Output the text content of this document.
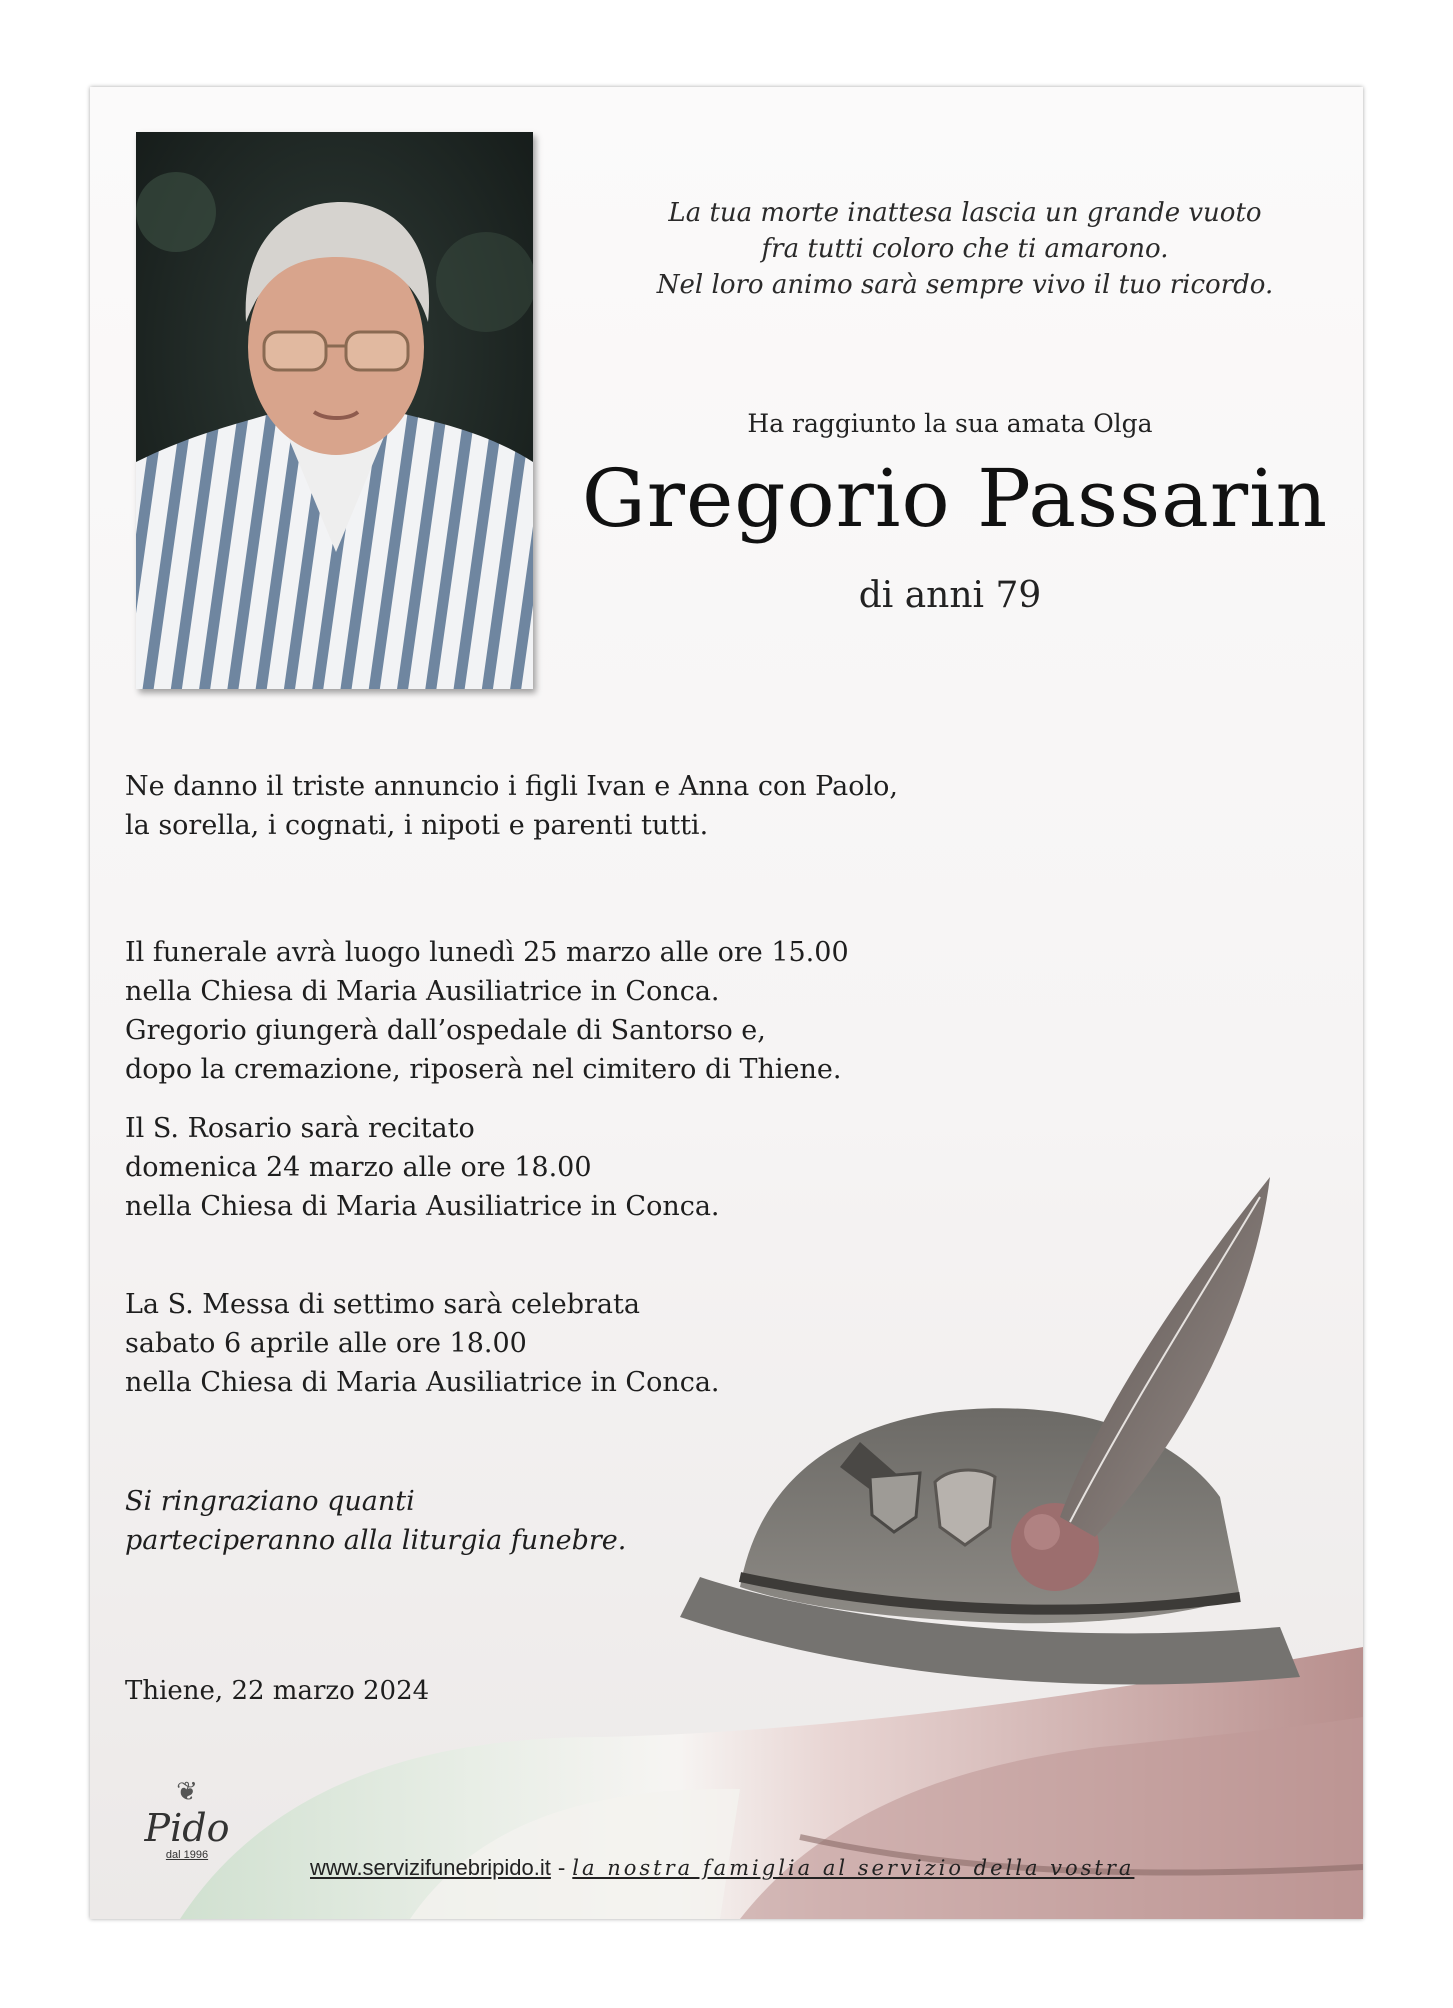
La tua morte inattesa lascia un grande vuoto
fra tutti coloro che ti amarono.
Nel loro animo sarà sempre vivo il tuo ricordo.
Ha raggiunto la sua amata Olga
Gregorio Passarin
di anni 79
Ne danno il triste annuncio i figli Ivan e Anna con Paolo,
la sorella, i cognati, i nipoti e parenti tutti.
Il funerale avrà luogo lunedì 25 marzo alle ore 15.00
nella Chiesa di Maria Ausiliatrice in Conca.
Gregorio giungerà dall’ospedale di Santorso e,
dopo la cremazione, riposerà nel cimitero di Thiene.
Il S. Rosario sarà recitato
domenica 24 marzo alle ore 18.00
nella Chiesa di Maria Ausiliatrice in Conca.
La S. Messa di settimo sarà celebrata
sabato 6 aprile alle ore 18.00
nella Chiesa di Maria Ausiliatrice in Conca.
Si ringraziano quanti
parteciperanno alla liturgia funebre.
Thiene, 22 marzo 2024
❦
Pido
dal 1996	www.servizifunebripido.it - la nostra famiglia al servizio della vostra
